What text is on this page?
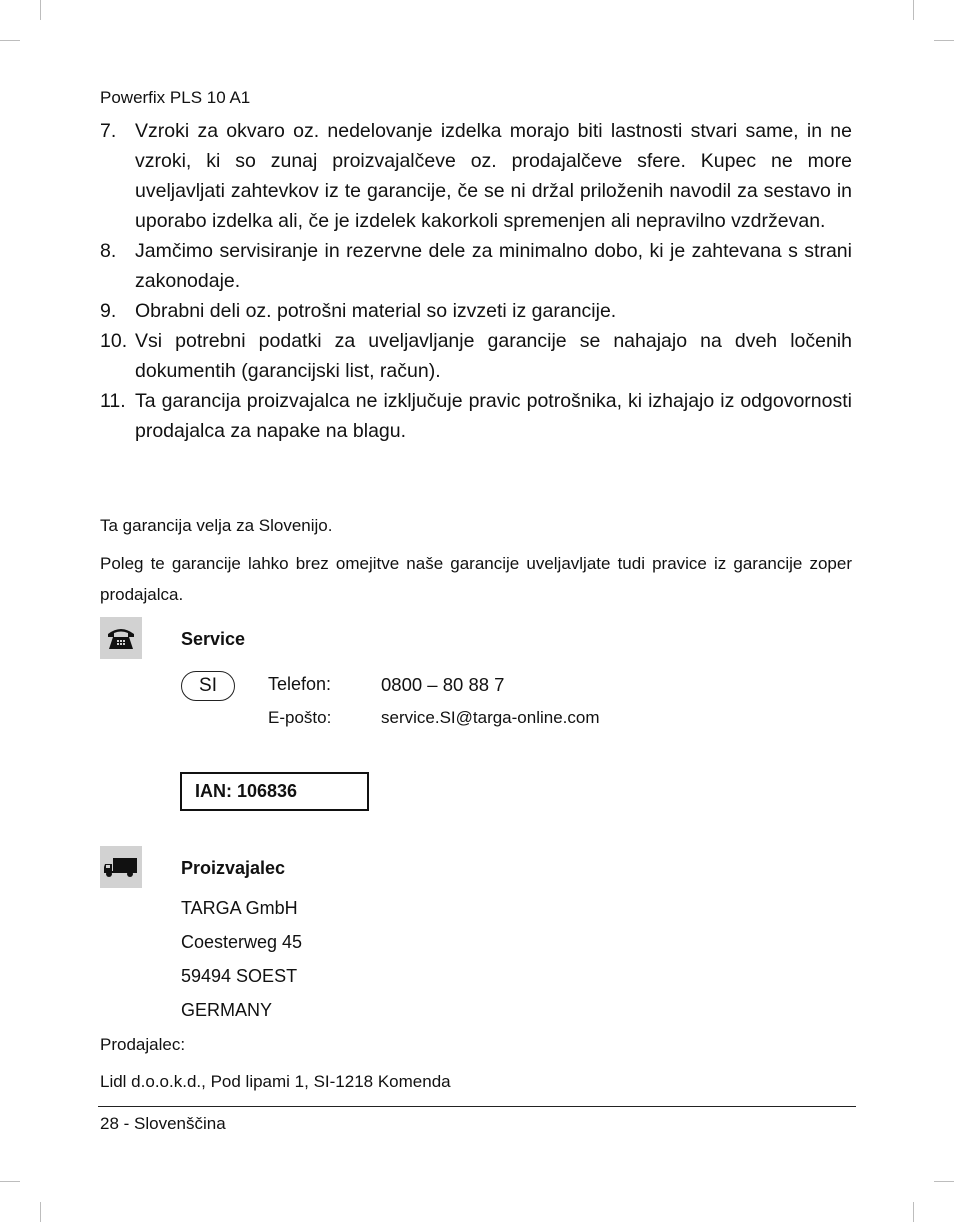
Powerfix PLS 10 A1
7. Vzroki za okvaro oz. nedelovanje izdelka morajo biti lastnosti stvari same, in ne vzroki, ki so zunaj proizvajalčeve oz. prodajalčeve sfere. Kupec ne more uveljavljati zahtevkov iz te garancije, če se ni držal priloženih navodil za sestavo in uporabo izdelka ali, če je izdelek kakorkoli spremenjen ali nepravilno vzdrževan.
8. Jamčimo servisiranje in rezervne dele za minimalno dobo, ki je zahtevana s strani zakonodaje.
9. Obrabni deli oz. potrošni material so izvzeti iz garancije.
10. Vsi potrebni podatki za uveljavljanje garancije se nahajajo na dveh ločenih dokumentih (garancijski list, račun).
11. Ta garancija proizvajalca ne izključuje pravic potrošnika, ki izhajajo iz odgovornosti prodajalca za napake na blagu.
Ta garancija velja za Slovenijo.
Poleg te garancije lahko brez omejitve naše garancije uveljavljate tudi pravice iz garancije zoper prodajalca.
Service
SI	Telefon:	0800 – 80 88 7
E-pošto:	service.SI@targa-online.com
IAN: 106836
Proizvajalec
TARGA GmbH
Coesterweg 45
59494 SOEST
GERMANY
Prodajalec:
Lidl d.o.o.k.d., Pod lipami 1, SI-1218 Komenda
28 - Slovenščina
